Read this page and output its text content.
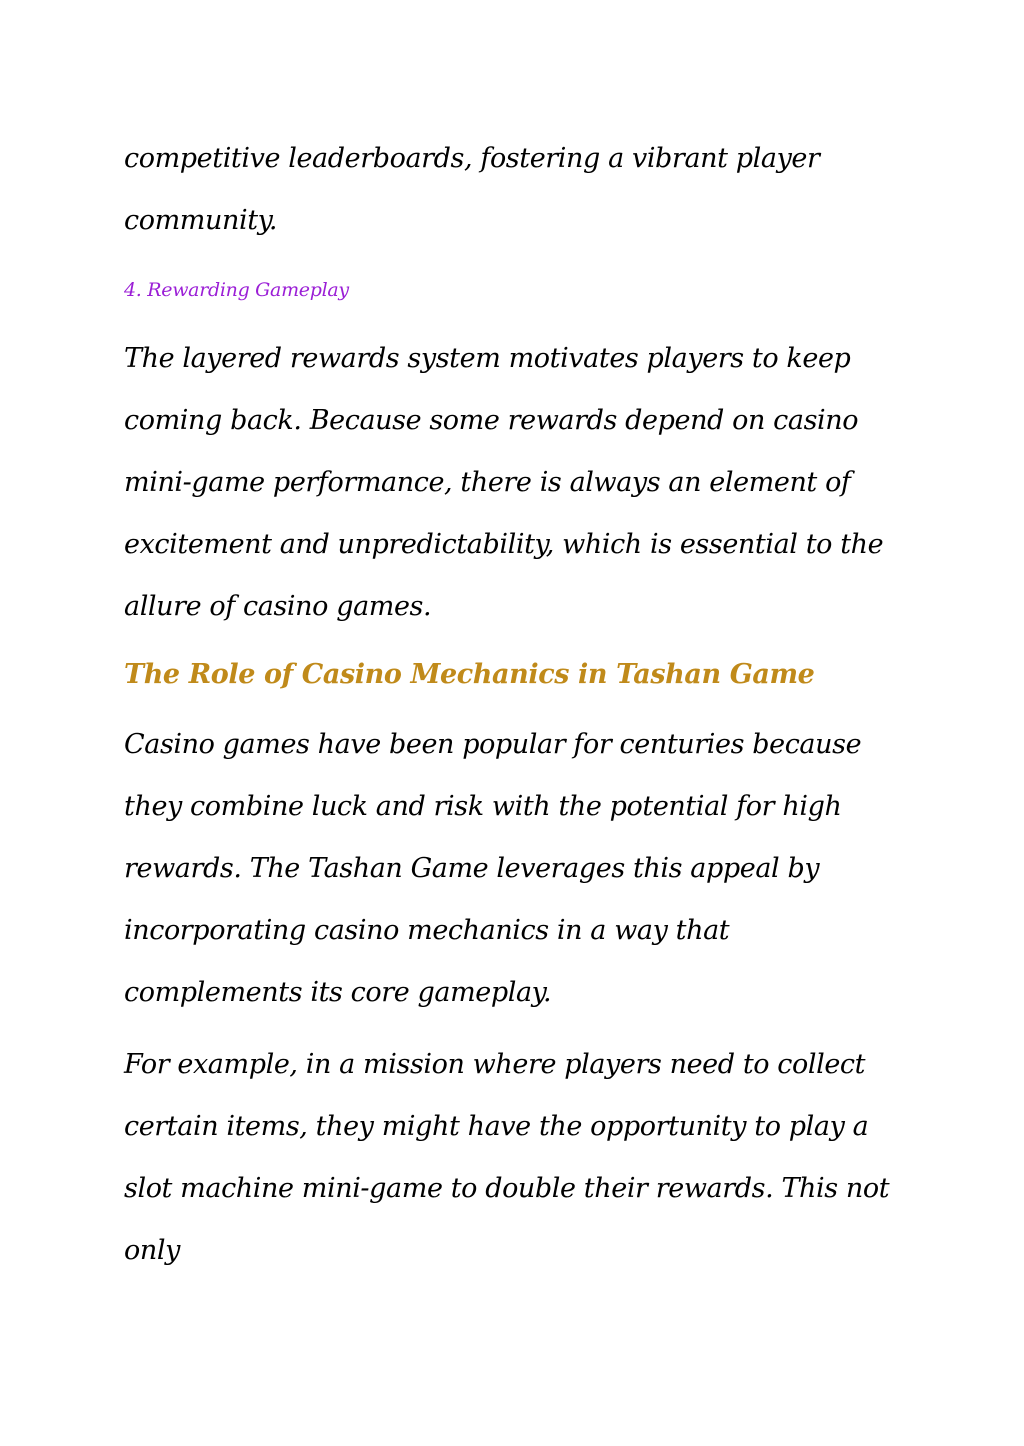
competitive leaderboards, fostering a vibrant player community.

4. Rewarding Gameplay

The layered rewards system motivates players to keep coming back. Because some rewards depend on casino mini-game performance, there is always an element of excitement and unpredictability, which is essential to the allure of casino games.

The Role of Casino Mechanics in Tashan Game

Casino games have been popular for centuries because they combine luck and risk with the potential for high rewards. The Tashan Game leverages this appeal by incorporating casino mechanics in a way that complements its core gameplay.

For example, in a mission where players need to collect certain items, they might have the opportunity to play a slot machine mini-game to double their rewards. This not only
